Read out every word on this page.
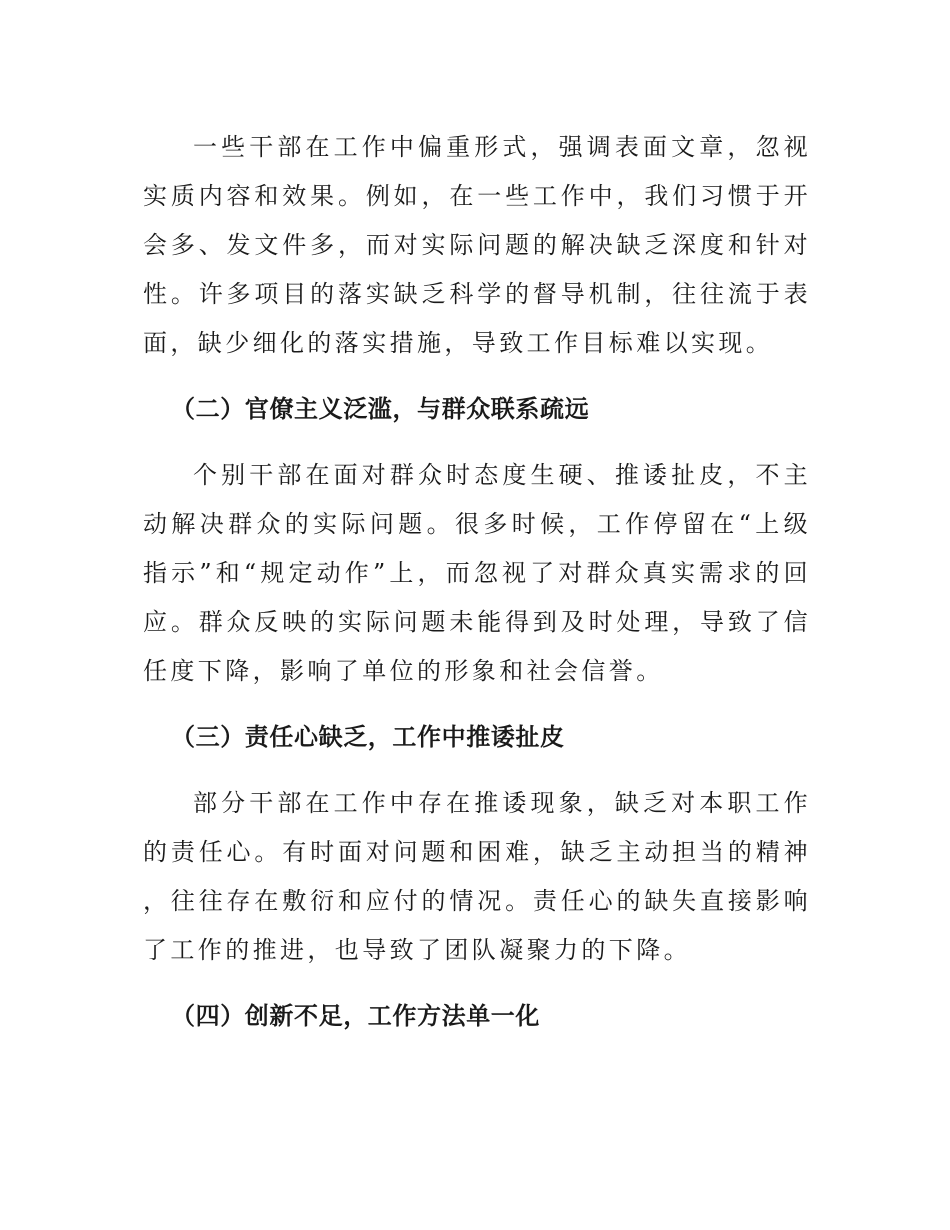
一些干部在工作中偏重形式，强调表面文章，忽视实质内容和效果。例如，在一些工作中，我们习惯于开会多、发文件多，而对实际问题的解决缺乏深度和针对性。许多项目的落实缺乏科学的督导机制，往往流于表面，缺少细化的落实措施，导致工作目标难以实现。

（二）官僚主义泛滥，与群众联系疏远

个别干部在面对群众时态度生硬、推诿扯皮，不主动解决群众的实际问题。很多时候，工作停留在“上级指示”和“规定动作”上，而忽视了对群众真实需求的回应。群众反映的实际问题未能得到及时处理，导致了信任度下降，影响了单位的形象和社会信誉。

（三）责任心缺乏，工作中推诿扯皮

部分干部在工作中存在推诿现象，缺乏对本职工作的责任心。有时面对问题和困难，缺乏主动担当的精神，往往存在敷衍和应付的情况。责任心的缺失直接影响了工作的推进，也导致了团队凝聚力的下降。

（四）创新不足，工作方法单一化
